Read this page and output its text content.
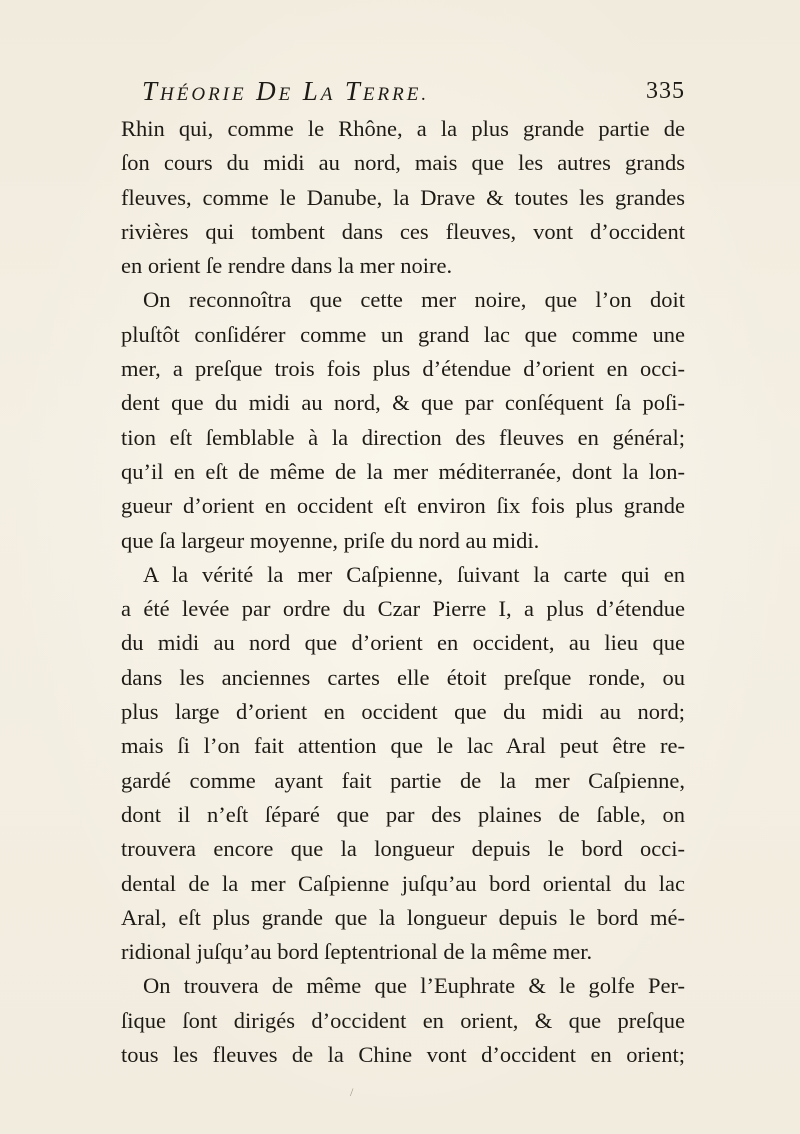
THÉORIE DE LA TERRE.	335
Rhin qui, comme le Rhône, a la plus grande partie de
ſon cours du midi au nord, mais que les autres grands
fleuves, comme le Danube, la Drave & toutes les grandes
rivières qui tombent dans ces fleuves, vont d’occident
en orient ſe rendre dans la mer noire.
On reconnoîtra que cette mer noire, que l’on doit
pluſtôt conſidérer comme un grand lac que comme une
mer, a preſque trois fois plus d’étendue d’orient en occi-
dent que du midi au nord, & que par conſéquent ſa poſi-
tion eſt ſemblable à la direction des fleuves en général;
qu’il en eſt de même de la mer méditerranée, dont la lon-
gueur d’orient en occident eſt environ ſix fois plus grande
que ſa largeur moyenne, priſe du nord au midi.
A la vérité la mer Caſpienne, ſuivant la carte qui en
a été levée par ordre du Czar Pierre I, a plus d’étendue
du midi au nord que d’orient en occident, au lieu que
dans les anciennes cartes elle étoit preſque ronde, ou
plus large d’orient en occident que du midi au nord;
mais ſi l’on fait attention que le lac Aral peut être re-
gardé comme ayant fait partie de la mer Caſpienne,
dont il n’eſt ſéparé que par des plaines de ſable, on
trouvera encore que la longueur depuis le bord occi-
dental de la mer Caſpienne juſqu’au bord oriental du lac
Aral, eſt plus grande que la longueur depuis le bord mé-
ridional juſqu’au bord ſeptentrional de la même mer.
On trouvera de même que l’Euphrate & le golfe Per-
ſique ſont dirigés d’occident en orient, & que preſque
tous les fleuves de la Chine vont d’occident en orient;
/
